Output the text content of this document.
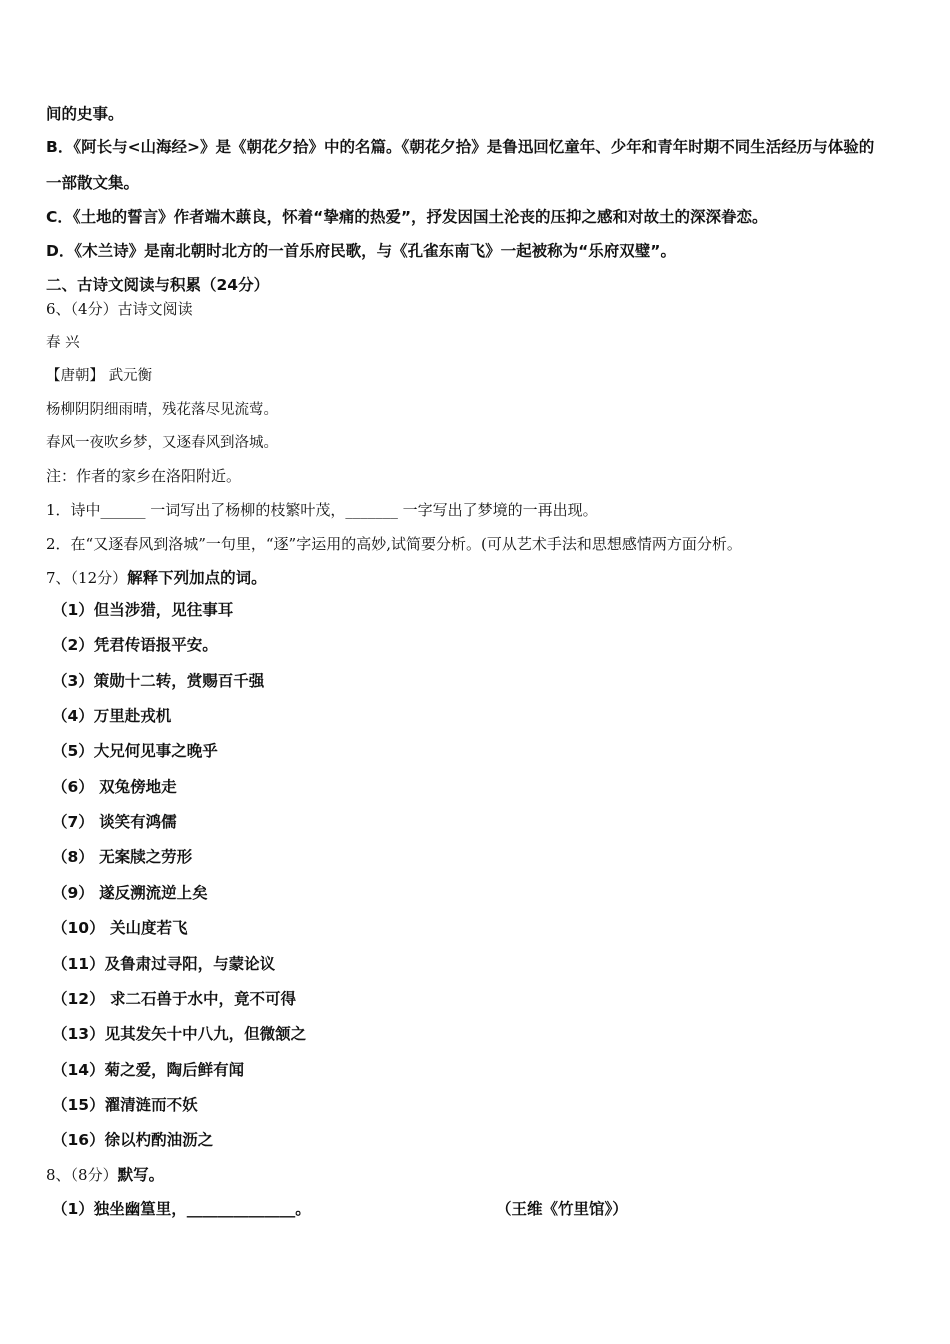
间的史事。
B．《阿长与<山海经>》是《朝花夕拾》中的名篇。《朝花夕拾》是鲁迅回忆童年、少年和青年时期不同生活经历与体验的
一部散文集。
C．《土地的誓言》作者端木蕻良，怀着“挚痛的热爱”，抒发因国土沦丧的压抑之感和对故土的深深眷恋。
D．《木兰诗》是南北朝时北方的一首乐府民歌，与《孔雀东南飞》一起被称为“乐府双璧”。
二、古诗文阅读与积累（24分）
6、（4分）古诗文阅读
春 兴
【唐朝】 武元衡
杨柳阴阴细雨晴，残花落尽见流莺。
春风一夜吹乡梦，又逐春风到洛城。
注：作者的家乡在洛阳附近。
1．诗中______ 一词写出了杨柳的枝繁叶茂，_______ 一字写出了梦境的一再出现。
2．在“又逐春风到洛城”一句里，“逐”字运用的高妙,试简要分析。(可从艺术手法和思想感情两方面分析。
7、（12分）解释下列加点的词。
（1）但当涉猎，见往事耳
（2）凭君传语报平安。
（3）策勋十二转，赏赐百千强
（4）万里赴戎机
（5）大兄何见事之晚乎
（6） 双兔傍地走
（7） 谈笑有鸿儒
（8） 无案牍之劳形
（9） 遂反溯流逆上矣
（10） 关山度若飞
（11）及鲁肃过寻阳，与蒙论议
（12） 求二石兽于水中，竟不可得
（13）见其发矢十中八九，但微颔之
（14）菊之爱，陶后鲜有闻
（15）濯清涟而不妖
（16）徐以杓酌油沥之
8、（8分）默写。
（1）独坐幽篁里，______________。	（王维《竹里馆》）
